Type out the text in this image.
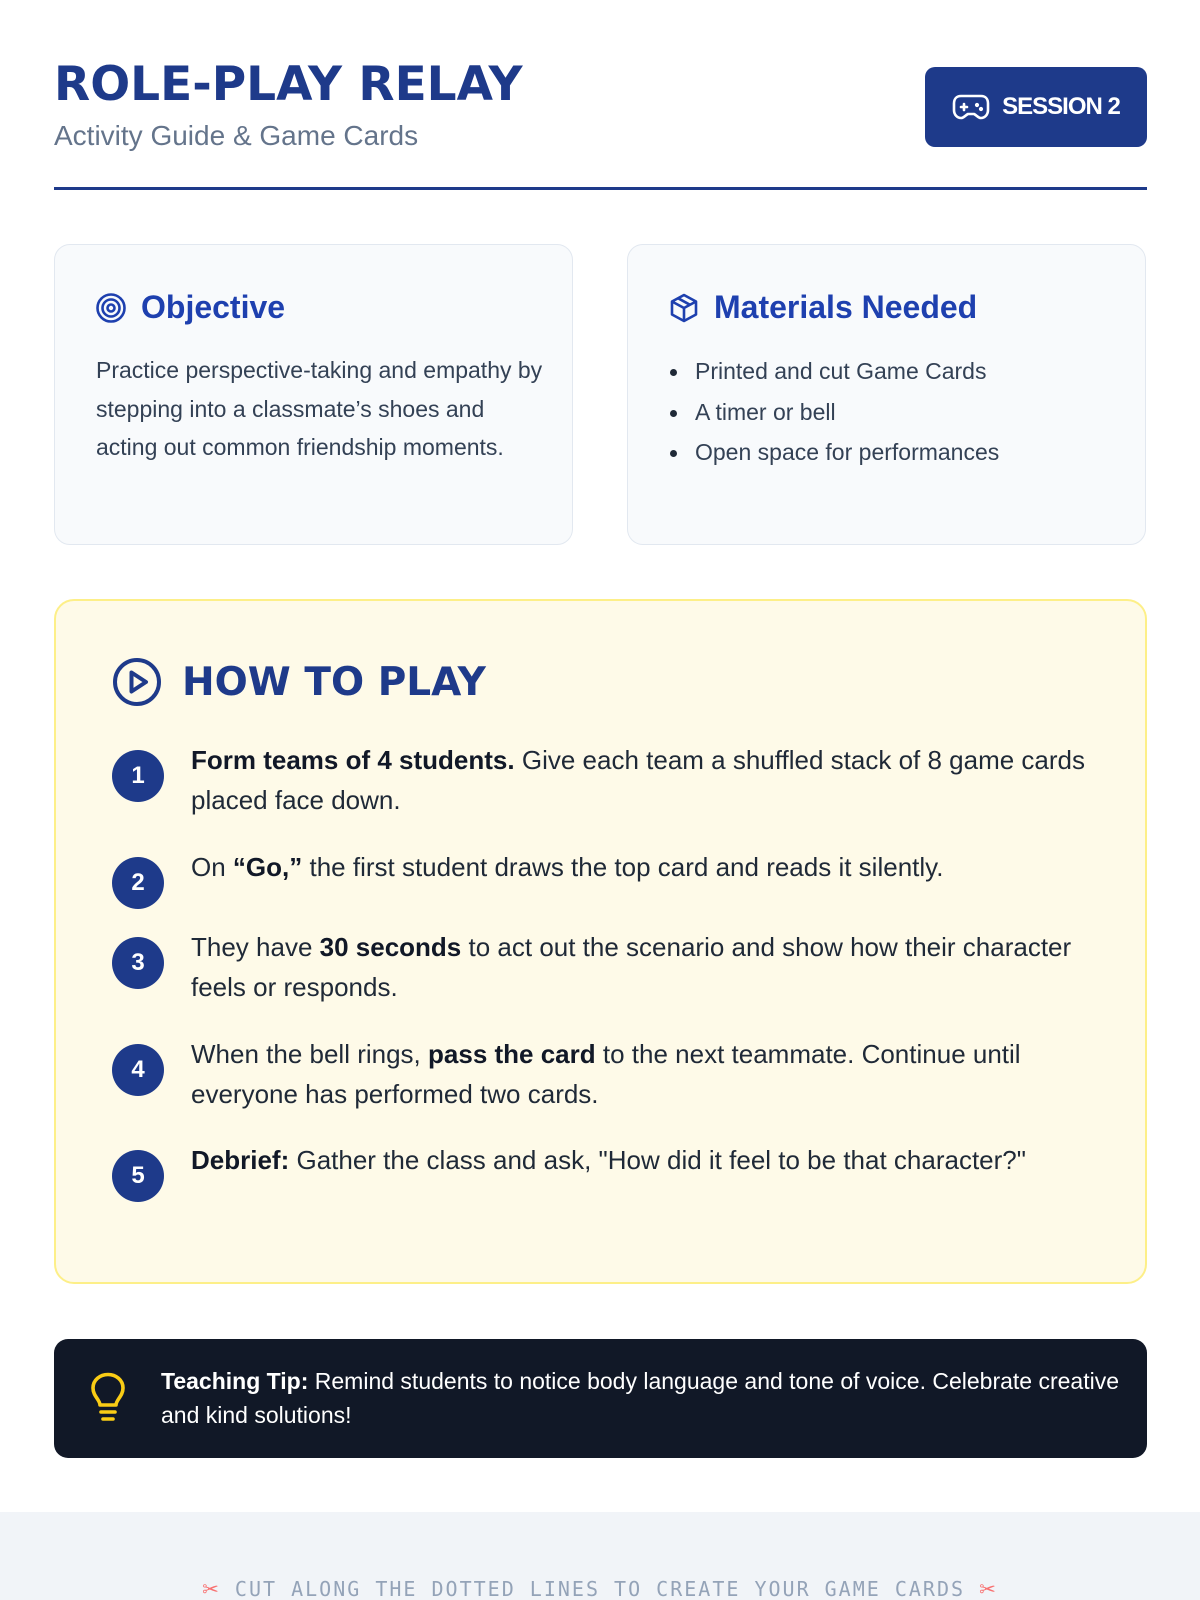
ROLE-PLAY RELAY
Activity Guide & Game Cards
SESSION 2
Objective
Practice perspective-taking and empathy by stepping into a classmate’s shoes and acting out common friendship moments.
Materials Needed
Printed and cut Game Cards
A timer or bell
Open space for performances
HOW TO PLAY
1
Form teams of 4 students. Give each team a shuffled stack of 8 game cards placed face down.
2
On “Go,” the first student draws the top card and reads it silently.
3
They have 30 seconds to act out the scenario and show how their character feels or responds.
4
When the bell rings, pass the card to the next teammate. Continue until everyone has performed two cards.
5
Debrief: Gather the class and ask, "How did it feel to be that character?"
Teaching Tip: Remind students to notice body language and tone of voice. Celebrate creative and kind solutions!
✂ CUT ALONG THE DOTTED LINES TO CREATE YOUR GAME CARDS ✂
